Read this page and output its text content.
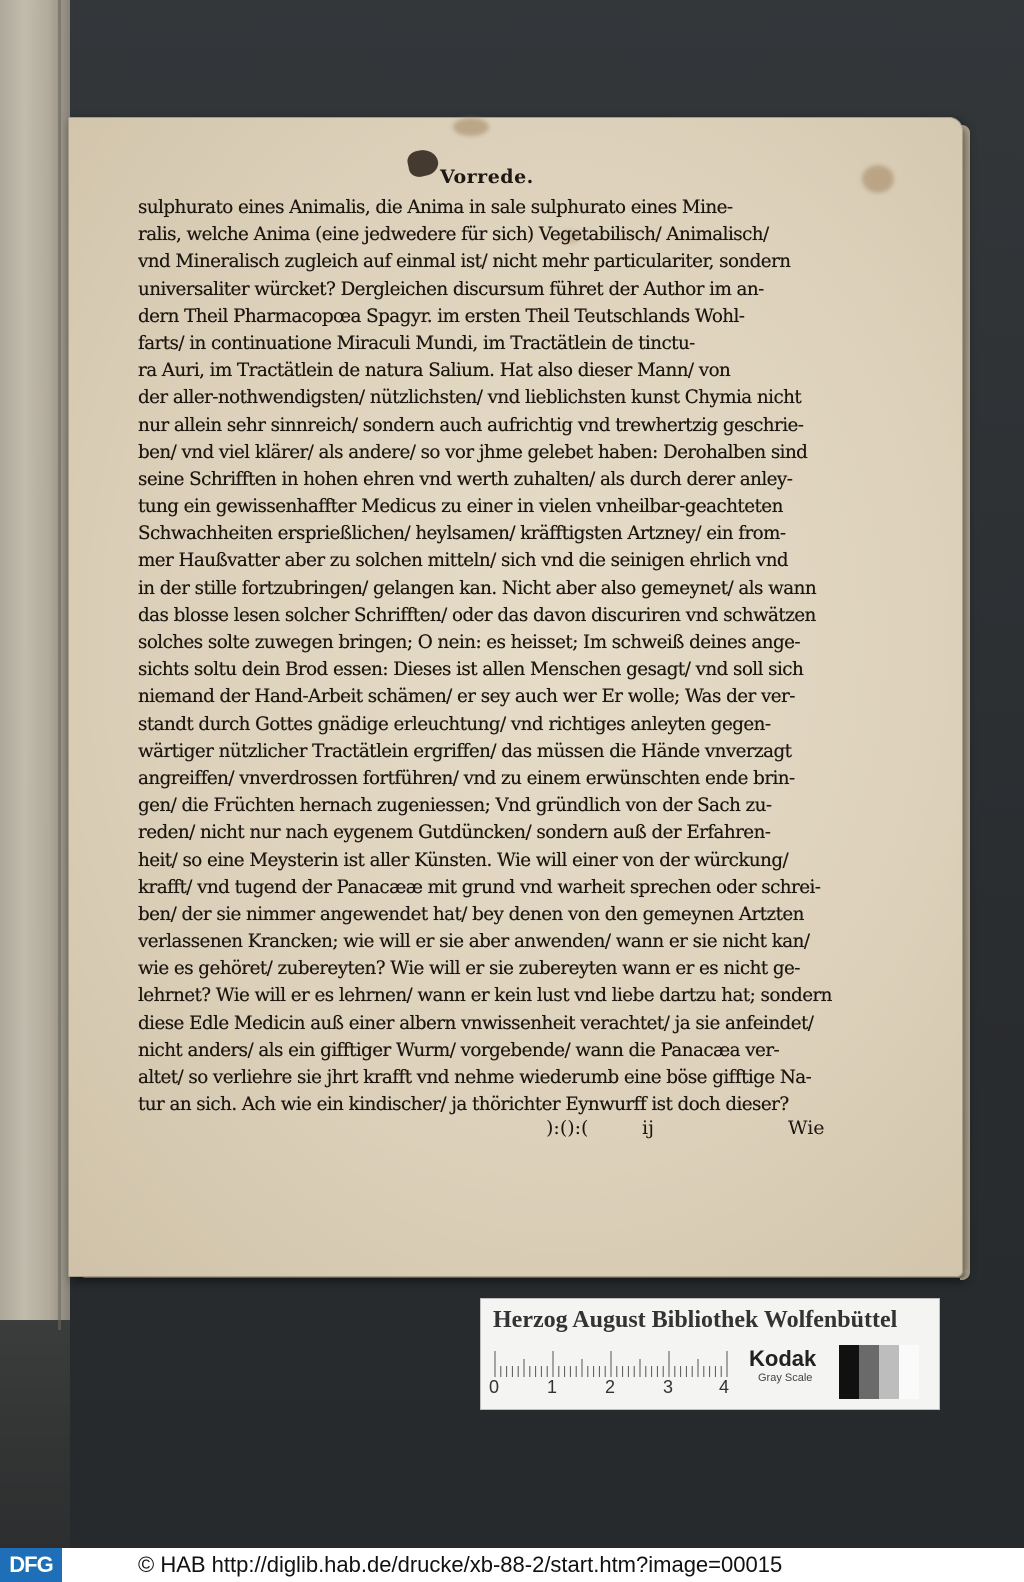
Vorrede.
sulphurato eines Animalis, die Anima in sale sulphurato eines Mine-
ralis, welche Anima (eine jedwedere für sich) Vegetabilisch/ Animalisch/
vnd Mineralisch zugleich auf einmal ist/ nicht mehr particulariter, sondern
universaliter würcket? Dergleichen discursum führet der Author im an-
dern Theil Pharmacopœa Spagyr. im ersten Theil Teutschlands Wohl-
farts/ in continuatione Miraculi Mundi, im Tractätlein de tinctu-
ra Auri, im Tractätlein de natura Salium. Hat also dieser Mann/ von
der aller-nothwendigsten/ nützlichsten/ vnd lieblichsten kunst Chymia nicht
nur allein sehr sinnreich/ sondern auch aufrichtig vnd trewhertzig geschrie-
ben/ vnd viel klärer/ als andere/ so vor jhme gelebet haben: Derohalben sind
seine Schrifften in hohen ehren vnd werth zuhalten/ als durch derer anley-
tung ein gewissenhaffter Medicus zu einer in vielen vnheilbar-geachteten
Schwachheiten ersprießlichen/ heylsamen/ kräfftigsten Artzney/ ein from-
mer Haußvatter aber zu solchen mitteln/ sich vnd die seinigen ehrlich vnd
in der stille fortzubringen/ gelangen kan. Nicht aber also gemeynet/ als wann
das blosse lesen solcher Schrifften/ oder das davon discuriren vnd schwätzen
solches solte zuwegen bringen; O nein: es heisset; Im schweiß deines ange-
sichts soltu dein Brod essen: Dieses ist allen Menschen gesagt/ vnd soll sich
niemand der Hand-Arbeit schämen/ er sey auch wer Er wolle; Was der ver-
standt durch Gottes gnädige erleuchtung/ vnd richtiges anleyten gegen-
wärtiger nützlicher Tractätlein ergriffen/ das müssen die Hände vnverzagt
angreiffen/ vnverdrossen fortführen/ vnd zu einem erwünschten ende brin-
gen/ die Früchten hernach zugeniessen; Vnd gründlich von der Sach zu-
reden/ nicht nur nach eygenem Gutdüncken/ sondern auß der Erfahren-
heit/ so eine Meysterin ist aller Künsten. Wie will einer von der würckung/
krafft/ vnd tugend der Panacææ mit grund vnd warheit sprechen oder schrei-
ben/ der sie nimmer angewendet hat/ bey denen von den gemeynen Artzten
verlassenen Krancken; wie will er sie aber anwenden/ wann er sie nicht kan/
wie es gehöret/ zubereyten? Wie will er sie zubereyten wann er es nicht ge-
lehrnet? Wie will er es lehrnen/ wann er kein lust vnd liebe dartzu hat; sondern
diese Edle Medicin auß einer albern vnwissenheit verachtet/ ja sie anfeindet/
nicht anders/ als ein gifftiger Wurm/ vorgebende/ wann die Panacæa ver-
altet/ so verliehre sie jhrt krafft vnd nehme wiederumb eine böse gifftige Na-
tur an sich. Ach wie ein kindischer/ ja thörichter Eynwurff ist doch dieser?
):():(	ij	Wie
Herzog August Bibliothek Wolfenbüttel
0	1	2	3	4
Kodak
Gray Scale
DFG	© HAB http://diglib.hab.de/drucke/xb-88-2/start.htm?image=00015
